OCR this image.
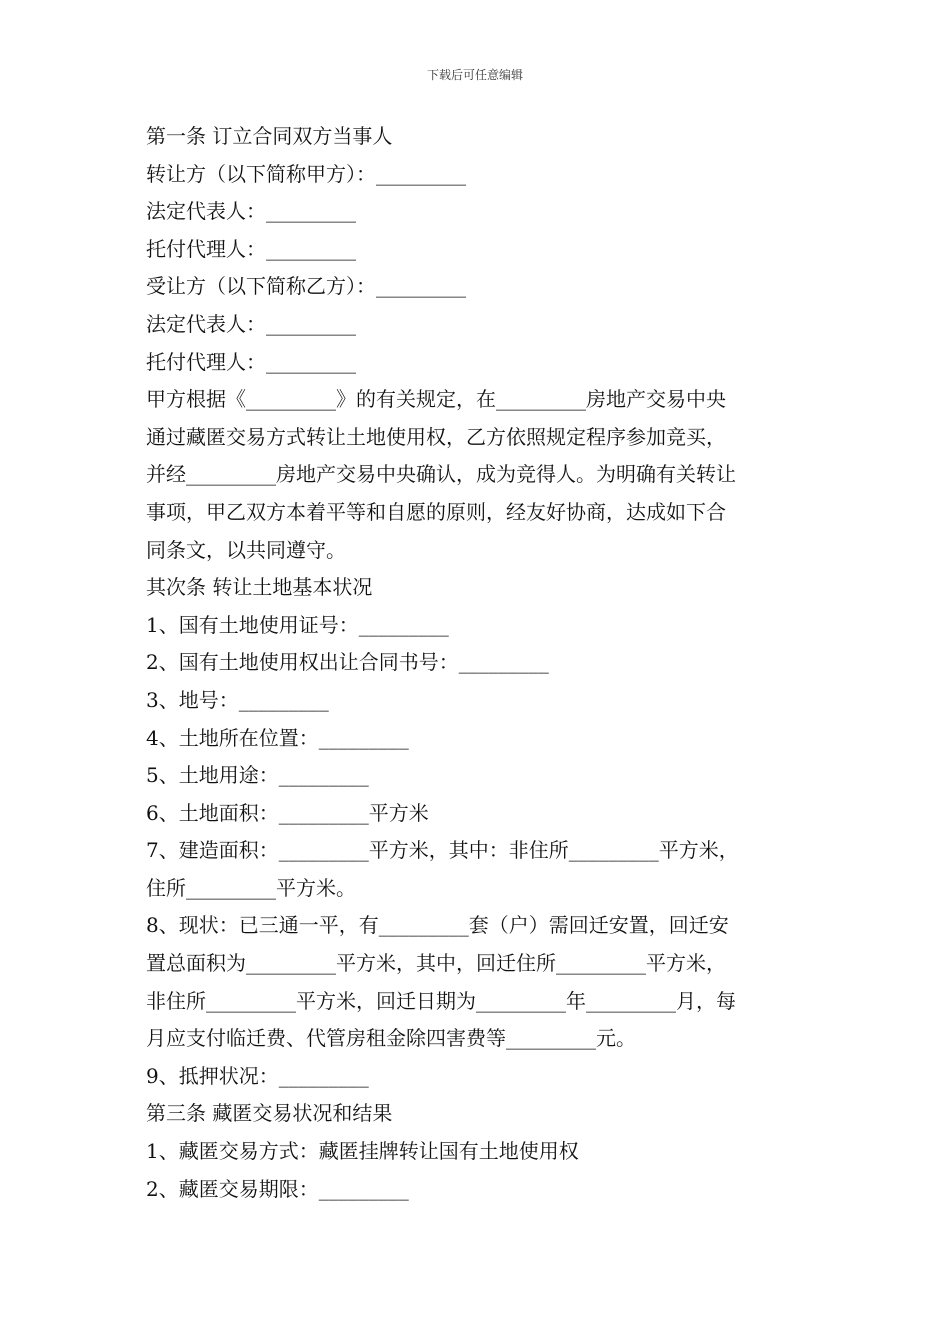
下载后可任意编辑
第一条 订立合同双方当事人
转让方（以下简称甲方）：_________
法定代表人：_________
托付代理人：_________
受让方（以下简称乙方）：_________
法定代表人：_________
托付代理人：_________
甲方根据《_________》的有关规定，在_________房地产交易中央
通过藏匿交易方式转让土地使用权，乙方依照规定程序参加竞买，
并经_________房地产交易中央确认，成为竞得人。为明确有关转让
事项，甲乙双方本着平等和自愿的原则，经友好协商，达成如下合
同条文，以共同遵守。
其次条 转让土地基本状况
1、国有土地使用证号：_________
2、国有土地使用权出让合同书号：_________
3、地号：_________
4、土地所在位置：_________
5、土地用途：_________
6、土地面积：_________平方米
7、建造面积：_________平方米，其中：非住所_________平方米，
住所_________平方米。
8、现状：已三通一平，有_________套（户）需回迁安置，回迁安
置总面积为_________平方米，其中，回迁住所_________平方米，
非住所_________平方米，回迁日期为_________年_________月，每
月应支付临迁费、代管房租金除四害费等_________元。
9、抵押状况：_________
第三条 藏匿交易状况和结果
1、藏匿交易方式：藏匿挂牌转让国有土地使用权
2、藏匿交易期限：_________
